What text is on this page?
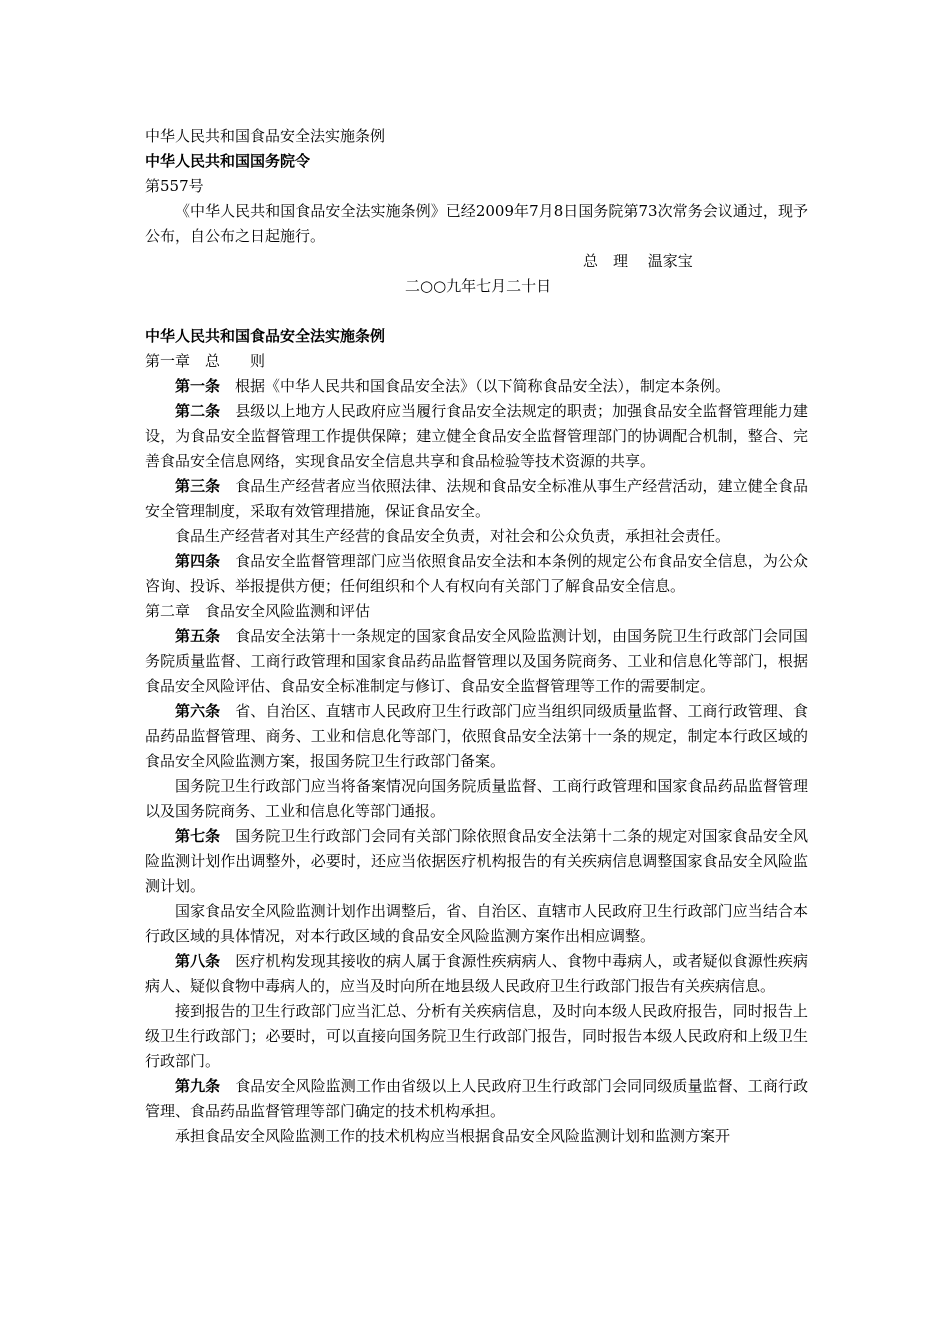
中华人民共和国食品安全法实施条例
中华人民共和国国务院令
第557号
《中华人民共和国食品安全法实施条例》已经2009年7月8日国务院第73次常务会议通过，现予公布，自公布之日起施行。
总　理　 温家宝
二○○九年七月二十日
中华人民共和国食品安全法实施条例
第一章　总　　则
第一条 根据《中华人民共和国食品安全法》（以下简称食品安全法），制定本条例。
第二条 县级以上地方人民政府应当履行食品安全法规定的职责；加强食品安全监督管理能力建设，为食品安全监督管理工作提供保障；建立健全食品安全监督管理部门的协调配合机制，整合、完善食品安全信息网络，实现食品安全信息共享和食品检验等技术资源的共享。
第三条 食品生产经营者应当依照法律、法规和食品安全标准从事生产经营活动，建立健全食品安全管理制度，采取有效管理措施，保证食品安全。
食品生产经营者对其生产经营的食品安全负责，对社会和公众负责，承担社会责任。
第四条 食品安全监督管理部门应当依照食品安全法和本条例的规定公布食品安全信息，为公众咨询、投诉、举报提供方便；任何组织和个人有权向有关部门了解食品安全信息。
第二章　食品安全风险监测和评估
第五条 食品安全法第十一条规定的国家食品安全风险监测计划，由国务院卫生行政部门会同国务院质量监督、工商行政管理和国家食品药品监督管理以及国务院商务、工业和信息化等部门，根据食品安全风险评估、食品安全标准制定与修订、食品安全监督管理等工作的需要制定。
第六条 省、自治区、直辖市人民政府卫生行政部门应当组织同级质量监督、工商行政管理、食品药品监督管理、商务、工业和信息化等部门，依照食品安全法第十一条的规定，制定本行政区域的食品安全风险监测方案，报国务院卫生行政部门备案。
国务院卫生行政部门应当将备案情况向国务院质量监督、工商行政管理和国家食品药品监督管理以及国务院商务、工业和信息化等部门通报。
第七条 国务院卫生行政部门会同有关部门除依照食品安全法第十二条的规定对国家食品安全风险监测计划作出调整外，必要时，还应当依据医疗机构报告的有关疾病信息调整国家食品安全风险监测计划。
国家食品安全风险监测计划作出调整后，省、自治区、直辖市人民政府卫生行政部门应当结合本行政区域的具体情况，对本行政区域的食品安全风险监测方案作出相应调整。
第八条 医疗机构发现其接收的病人属于食源性疾病病人、食物中毒病人，或者疑似食源性疾病病人、疑似食物中毒病人的，应当及时向所在地县级人民政府卫生行政部门报告有关疾病信息。
接到报告的卫生行政部门应当汇总、分析有关疾病信息，及时向本级人民政府报告，同时报告上级卫生行政部门；必要时，可以直接向国务院卫生行政部门报告，同时报告本级人民政府和上级卫生行政部门。
第九条 食品安全风险监测工作由省级以上人民政府卫生行政部门会同同级质量监督、工商行政管理、食品药品监督管理等部门确定的技术机构承担。
承担食品安全风险监测工作的技术机构应当根据食品安全风险监测计划和监测方案开
